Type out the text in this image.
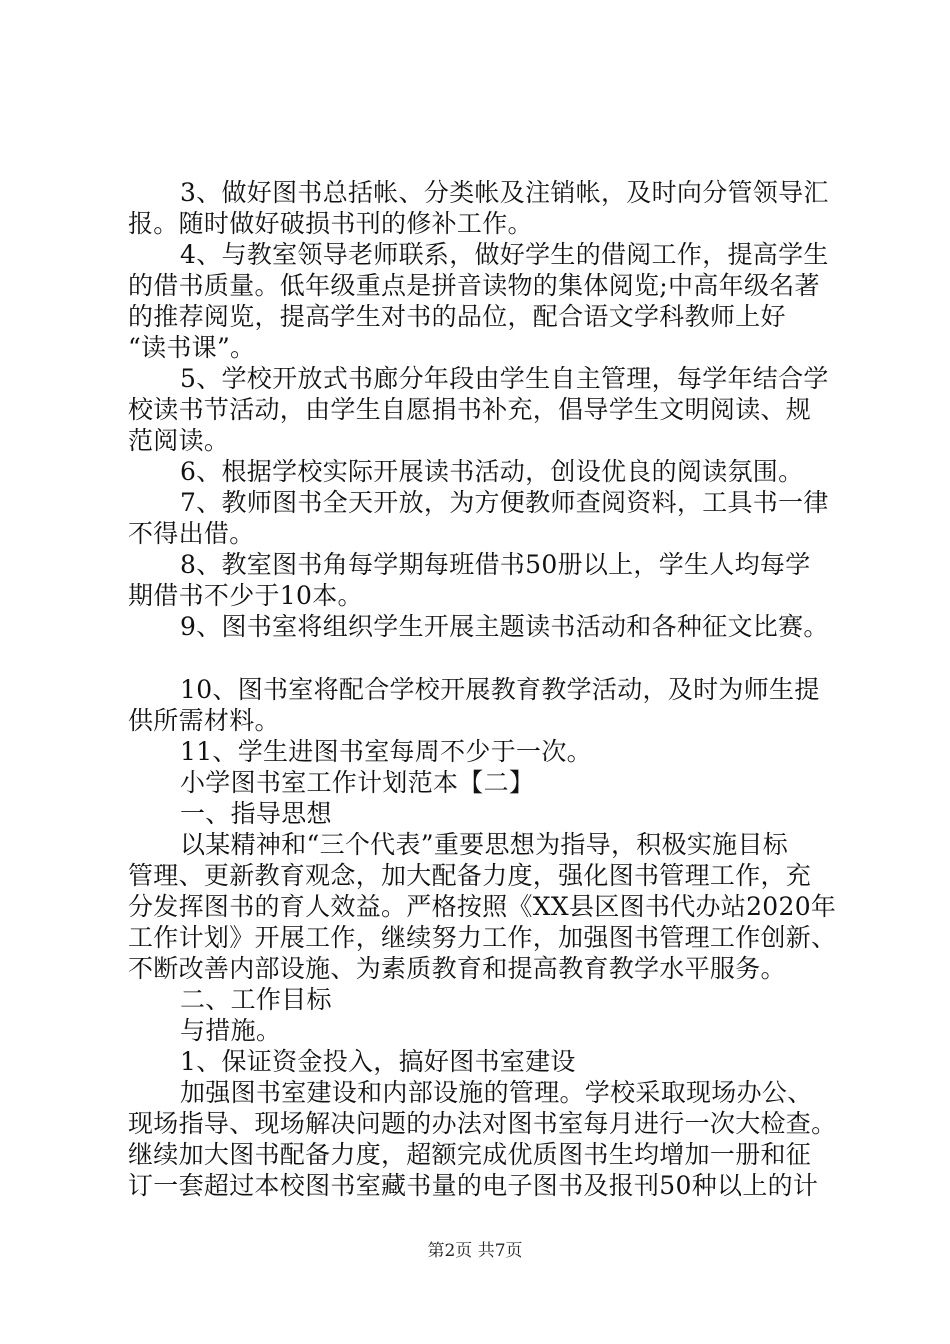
3、做好图书总括帐、分类帐及注销帐，及时向分管领导汇
报。随时做好破损书刊的修补工作。
4、与教室领导老师联系，做好学生的借阅工作，提高学生
的借书质量。低年级重点是拼音读物的集体阅览;中高年级名著
的推荐阅览，提高学生对书的品位，配合语文学科教师上好
“读书课”。
5、学校开放式书廊分年段由学生自主管理，每学年结合学
校读书节活动，由学生自愿捐书补充，倡导学生文明阅读、规
范阅读。
6、根据学校实际开展读书活动，创设优良的阅读氛围。
7、教师图书全天开放，为方便教师查阅资料，工具书一律
不得出借。
8、教室图书角每学期每班借书50册以上，学生人均每学
期借书不少于10本。
9、图书室将组织学生开展主题读书活动和各种征文比赛。
10、图书室将配合学校开展教育教学活动，及时为师生提
供所需材料。
11、学生进图书室每周不少于一次。
小学图书室工作计划范本【二】
一、指导思想
以某精神和“三个代表”重要思想为指导，积极实施目标
管理、更新教育观念，加大配备力度，强化图书管理工作，充
分发挥图书的育人效益。严格按照《XX县区图书代办站2020年
工作计划》开展工作，继续努力工作，加强图书管理工作创新、
不断改善内部设施、为素质教育和提高教育教学水平服务。
二、工作目标
与措施。
1、保证资金投入，搞好图书室建设
加强图书室建设和内部设施的管理。学校采取现场办公、
现场指导、现场解决问题的办法对图书室每月进行一次大检查。
继续加大图书配备力度，超额完成优质图书生均增加一册和征
订一套超过本校图书室藏书量的电子图书及报刊50种以上的计
第2页 共7页
